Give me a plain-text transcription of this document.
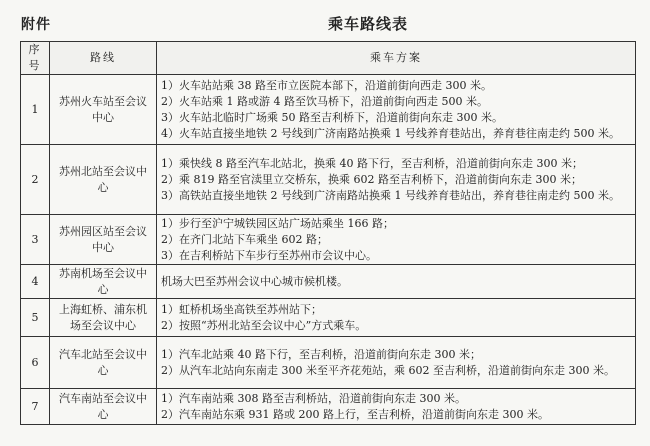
附件	乘车路线表
序号	路线	乘车方案
1	苏州火车站至会议中心	1）火车站站乘 38 路至市立医院本部下，沿道前街向西走 300 米。
2）火车站乘 1 路或游 4 路至饮马桥下，沿道前街向西走 500 米。
3）火车站北临时广场乘 50 路至吉利桥下，沿道前街向东走 300 米。
4）火车站直接坐地铁 2 号线到广济南路站换乘 1 号线养育巷站出，养育巷往南走约 500 米。

2	苏州北站至会议中心	1）乘快线 8 路至汽车北站北，换乘 40 路下行，至吉利桥，沿道前街向东走 300 米；
2）乘 819 路至官渎里立交桥东，换乘 602 路至吉利桥下，沿道前街向东走 300 米；
3）高铁站直接坐地铁 2 号线到广济南路站换乘 1 号线养育巷站出，养育巷往南走约 500 米。

3	苏州园区站至会议中心	1）步行至沪宁城铁园区站广场站乘坐 166 路；
2）在齐门北站下车乘坐 602 路；
3）在吉利桥站下车步行至苏州市会议中心。

4	苏南机场至会议中心	机场大巴至苏州会议中心城市候机楼。

5	上海虹桥、浦东机场至会议中心	1）虹桥机场坐高铁至苏州站下；
2）按照“苏州北站至会议中心”方式乘车。

6	汽车北站至会议中心	1）汽车北站乘 40 路下行，至吉利桥，沿道前街向东走 300 米；
2）从汽车北站向东南走 300 米至平齐花苑站，乘 602 至吉利桥，沿道前街向东走 300 米。

7	汽车南站至会议中心	1）汽车南站乘 308 路至吉利桥站，沿道前街向东走 300 米。
2）汽车南站东乘 931 路或 200 路上行，至吉利桥，沿道前街向东走 300 米。
